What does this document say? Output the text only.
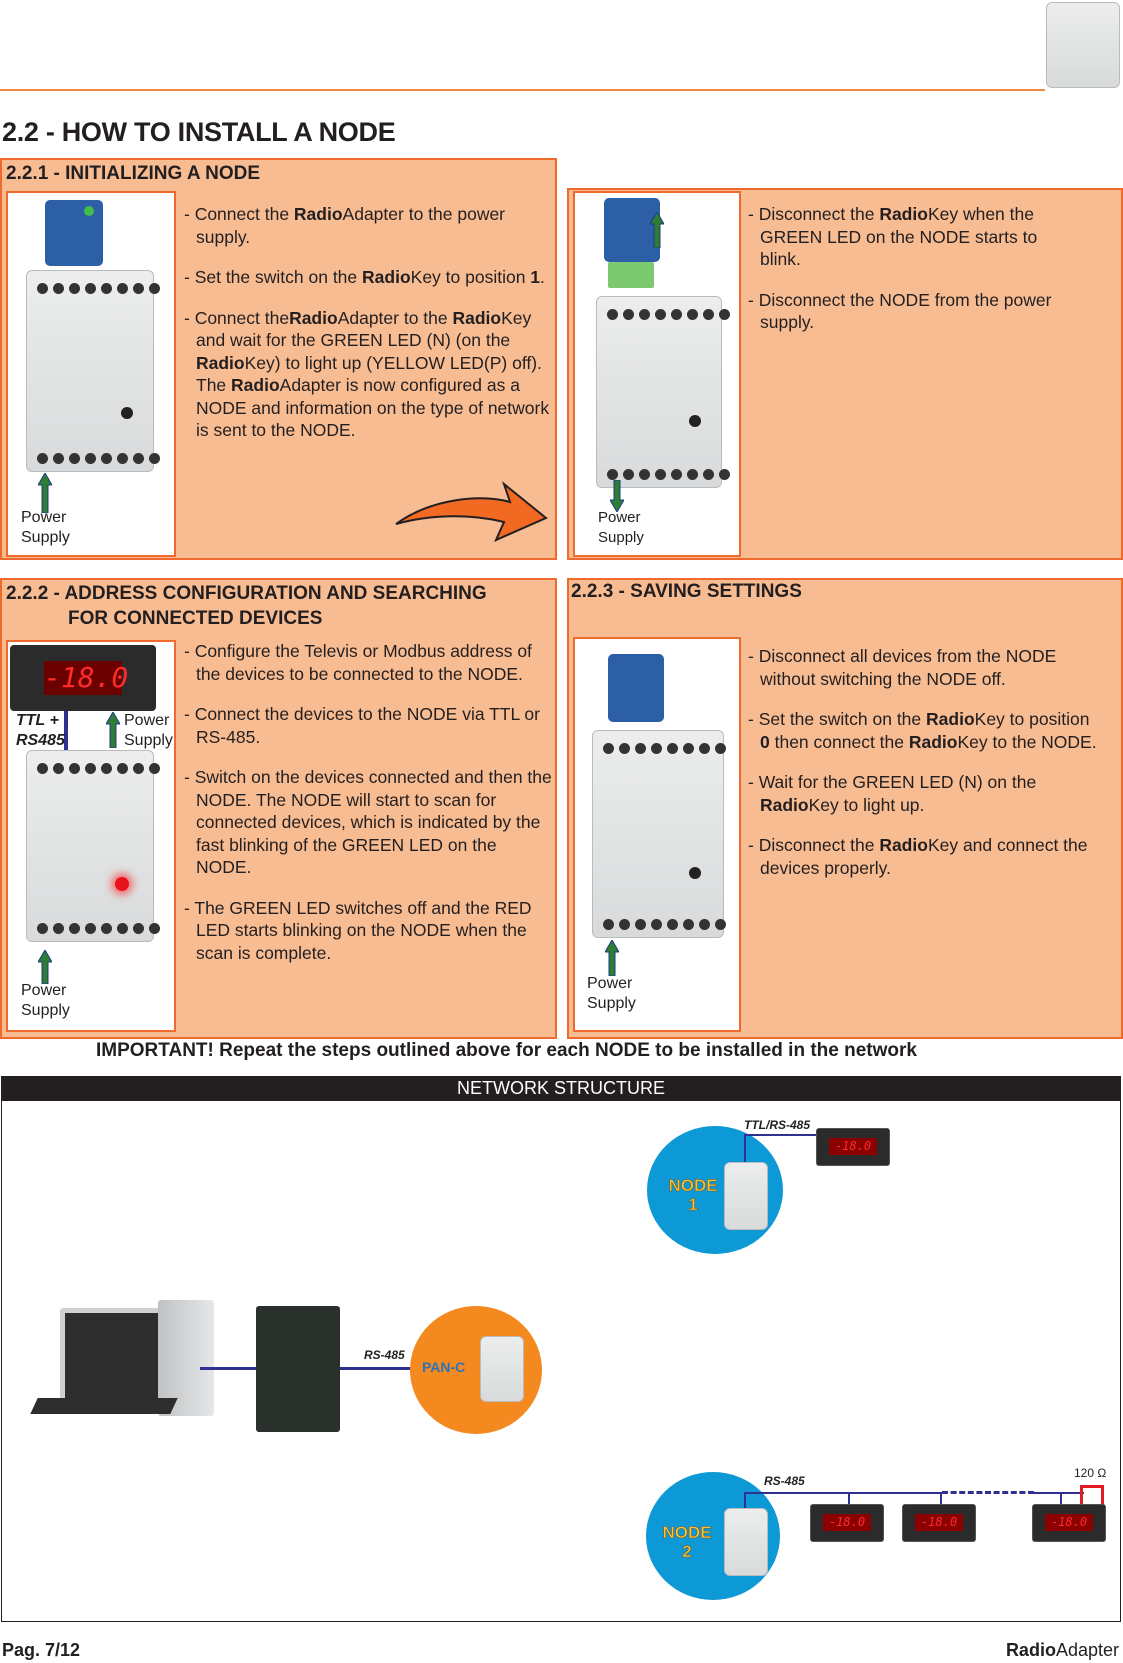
2.2 - HOW TO INSTALL A NODE
2.2.1 - INITIALIZING A NODE
Power
Supply

- Connect the RadioAdapter to the power supply.

- Set the switch on the RadioKey to position 1.

- Connect theRadioAdapter to the RadioKey and wait for the GREEN LED (N) (on the RadioKey) to light up (YELLOW LED(P) off). The RadioAdapter is now configured as a NODE and information on the type of network is sent to the NODE.

Power
Supply

- Disconnect the RadioKey when the GREEN LED on the NODE starts to blink.

- Disconnect the NODE from the power supply.

2.2.2 - ADDRESS CONFIGURATION AND SEARCHING
FOR CONNECTED DEVICES
-18.0
TTL +
RS485
Power
Supply
Power
Supply

- Configure the Televis or Modbus address of the devices to be connected to the NODE.

- Connect the devices to the NODE via TTL or RS-485.

- Switch on the devices connected and then the NODE. The NODE will start to scan for connected devices, which is indicated by the fast blinking of the GREEN LED on the NODE.

- The GREEN LED switches off and the RED LED starts blinking on the NODE when the scan is complete.

2.2.3 - SAVING SETTINGS
Power
Supply

- Disconnect all devices from the NODE without switching the NODE off.

- Set the switch on the RadioKey to position 0 then connect the RadioKey to the NODE.

- Wait for the GREEN LED (N) on the RadioKey to light up.

- Disconnect the RadioKey and connect the devices properly.

IMPORTANT! Repeat the steps outlined above for each NODE to be installed in the network
NETWORK STRUCTURE
RS-485
PAN-C
NODE
1
TTL/RS-485
-18.0
NODE
2
RS-485
120 Ω
-18.0	-18.0	-18.0
Pag. 7/12	RadioAdapter
